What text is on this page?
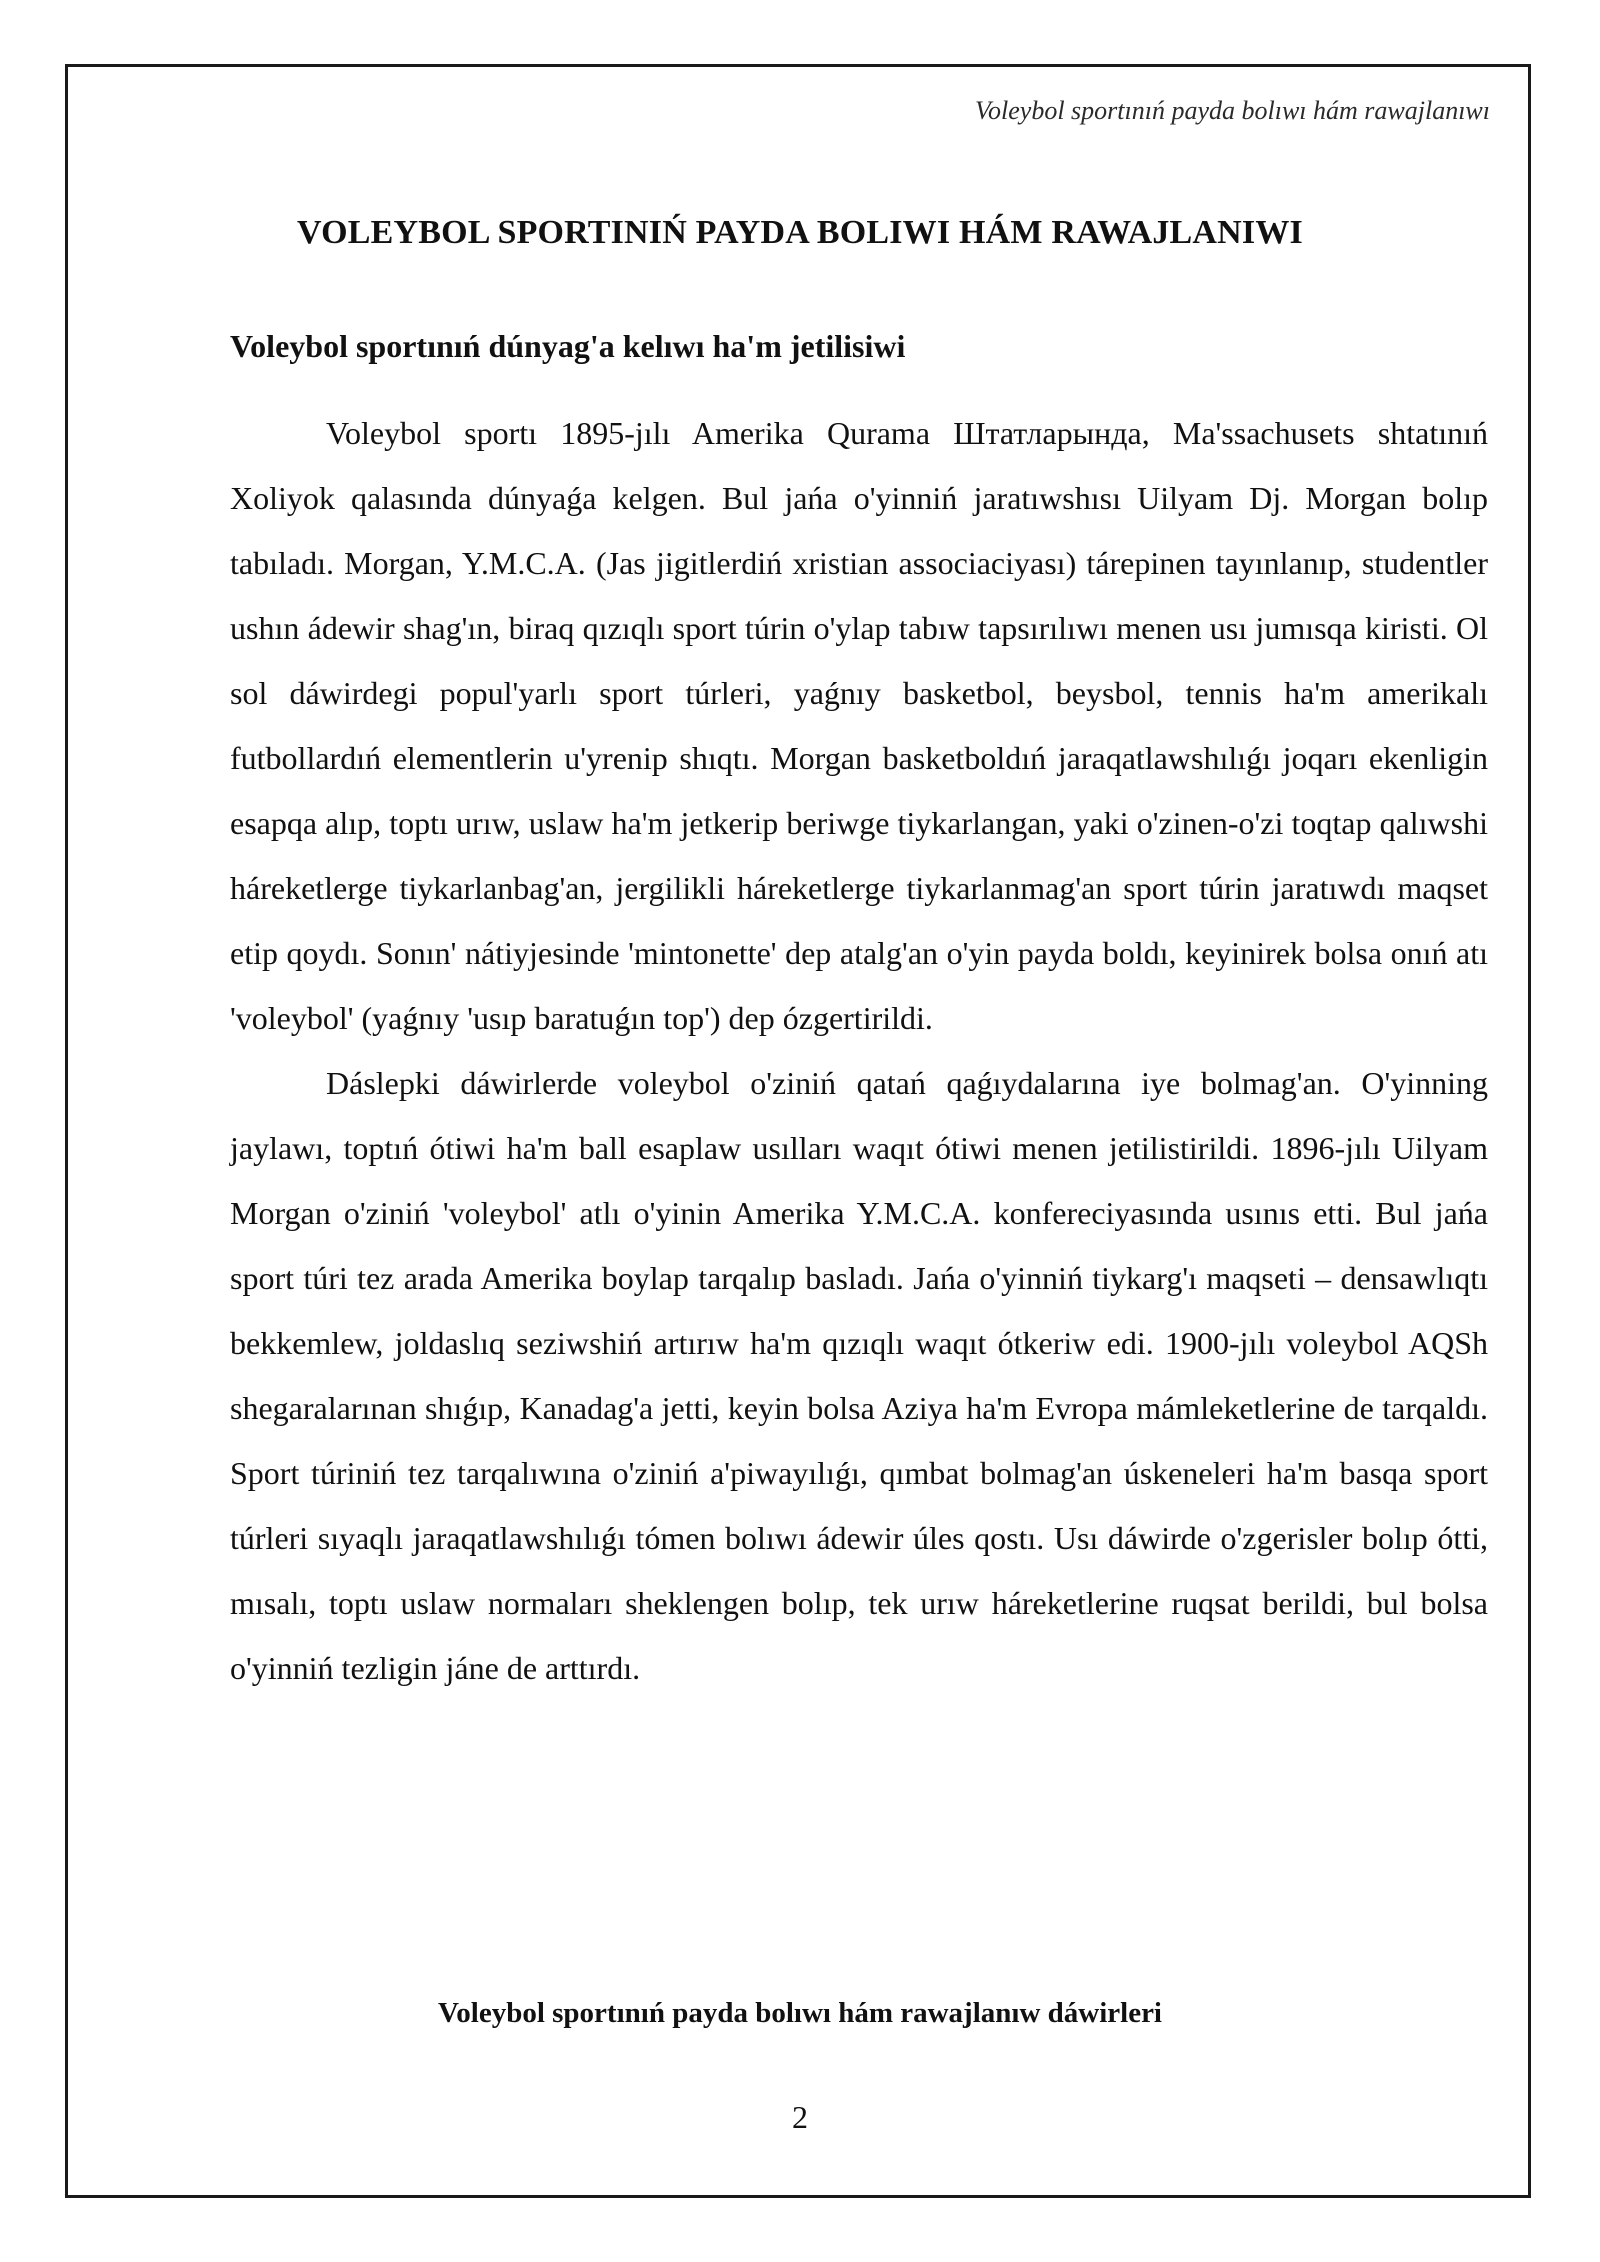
Voleybol sportınıń payda bolıwı hám rawajlanıwı
VOLEYBOL SPORTINIŃ PAYDA BOLIWI HÁM RAWAJLANIWI
Voleybol sportınıń dúnyag'a kelıwı ha'm jetilisiwi

Voleybol sportı 1895-jılı Amerika Qurama Штатларында, Ma'ssachusets shtatınıń Xoliyok qalasında dúnyaǵa kelgen. Bul jańa o'yinniń jaratıwshısı Uilyam Dj. Morgan bolıp tabıladı. Morgan, Y.M.C.A. (Jas jigitlerdiń xristian associaciyası) tárepinen tayınlanıp, studentler ushın ádewir shag'ın, biraq qızıqlı sport túrin o'ylap tabıw tapsırılıwı menen usı jumısqa kiristi. Ol sol dáwirdegi popul'yarlı sport túrleri, yaǵnıy basketbol, beysbol, tennis ha'm amerikalı futbollardıń elementlerin u'yrenip shıqtı. Morgan basketboldıń jaraqatlawshılıǵı joqarı ekenligin esapqa alıp, toptı urıw, uslaw ha'm jetkerip beriwge tiykarlangan, yaki o'zinen-o'zi toqtap qalıwshi háreketlerge tiykarlanbag'an, jergilikli háreketlerge tiykarlanmag'an sport túrin jaratıwdı maqset etip qoydı. Sonın' nátiyjesinde 'mintonette' dep atalg'an o'yin payda boldı, keyinirek bolsa onıń atı 'voleybol' (yaǵnıy 'usıp baratuǵın top') dep ózgertirildi.

Dáslepki dáwirlerde voleybol o'ziniń qatań qaǵıydalarına iye bolmag'an. O'yinning jaylawı, toptıń ótiwi ha'm ball esaplaw usılları waqıt ótiwi menen jetilistirildi. 1896-jılı Uilyam Morgan o'ziniń 'voleybol' atlı o'yinin Amerika Y.M.C.A. konfereciyasında usınıs etti. Bul jańa sport túri tez arada Amerika boylap tarqalıp basladı. Jańa o'yinniń tiykarg'ı maqseti – densawlıqtı bekkemlew, joldaslıq seziwshiń artırıw ha'm qızıqlı waqıt ótkeriw edi. 1900-jılı voleybol AQSh shegaralarınan shıǵıp, Kanadag'a jetti, keyin bolsa Aziya ha'm Evropa mámleketlerine de tarqaldı. Sport túriniń tez tarqalıwına o'ziniń a'piwayılıǵı, qımbat bolmag'an úskeneleri ha'm basqa sport túrleri sıyaqlı jaraqatlawshılıǵı tómen bolıwı ádewir úles qostı. Usı dáwirde o'zgerisler bolıp ótti, mısalı, toptı uslaw normaları sheklengen bolıp, tek urıw háreketlerine ruqsat berildi, bul bolsa o'yinniń tezligin jáne de arttırdı.

Voleybol sportınıń payda bolıwı hám rawajlanıw dáwirleri
2
